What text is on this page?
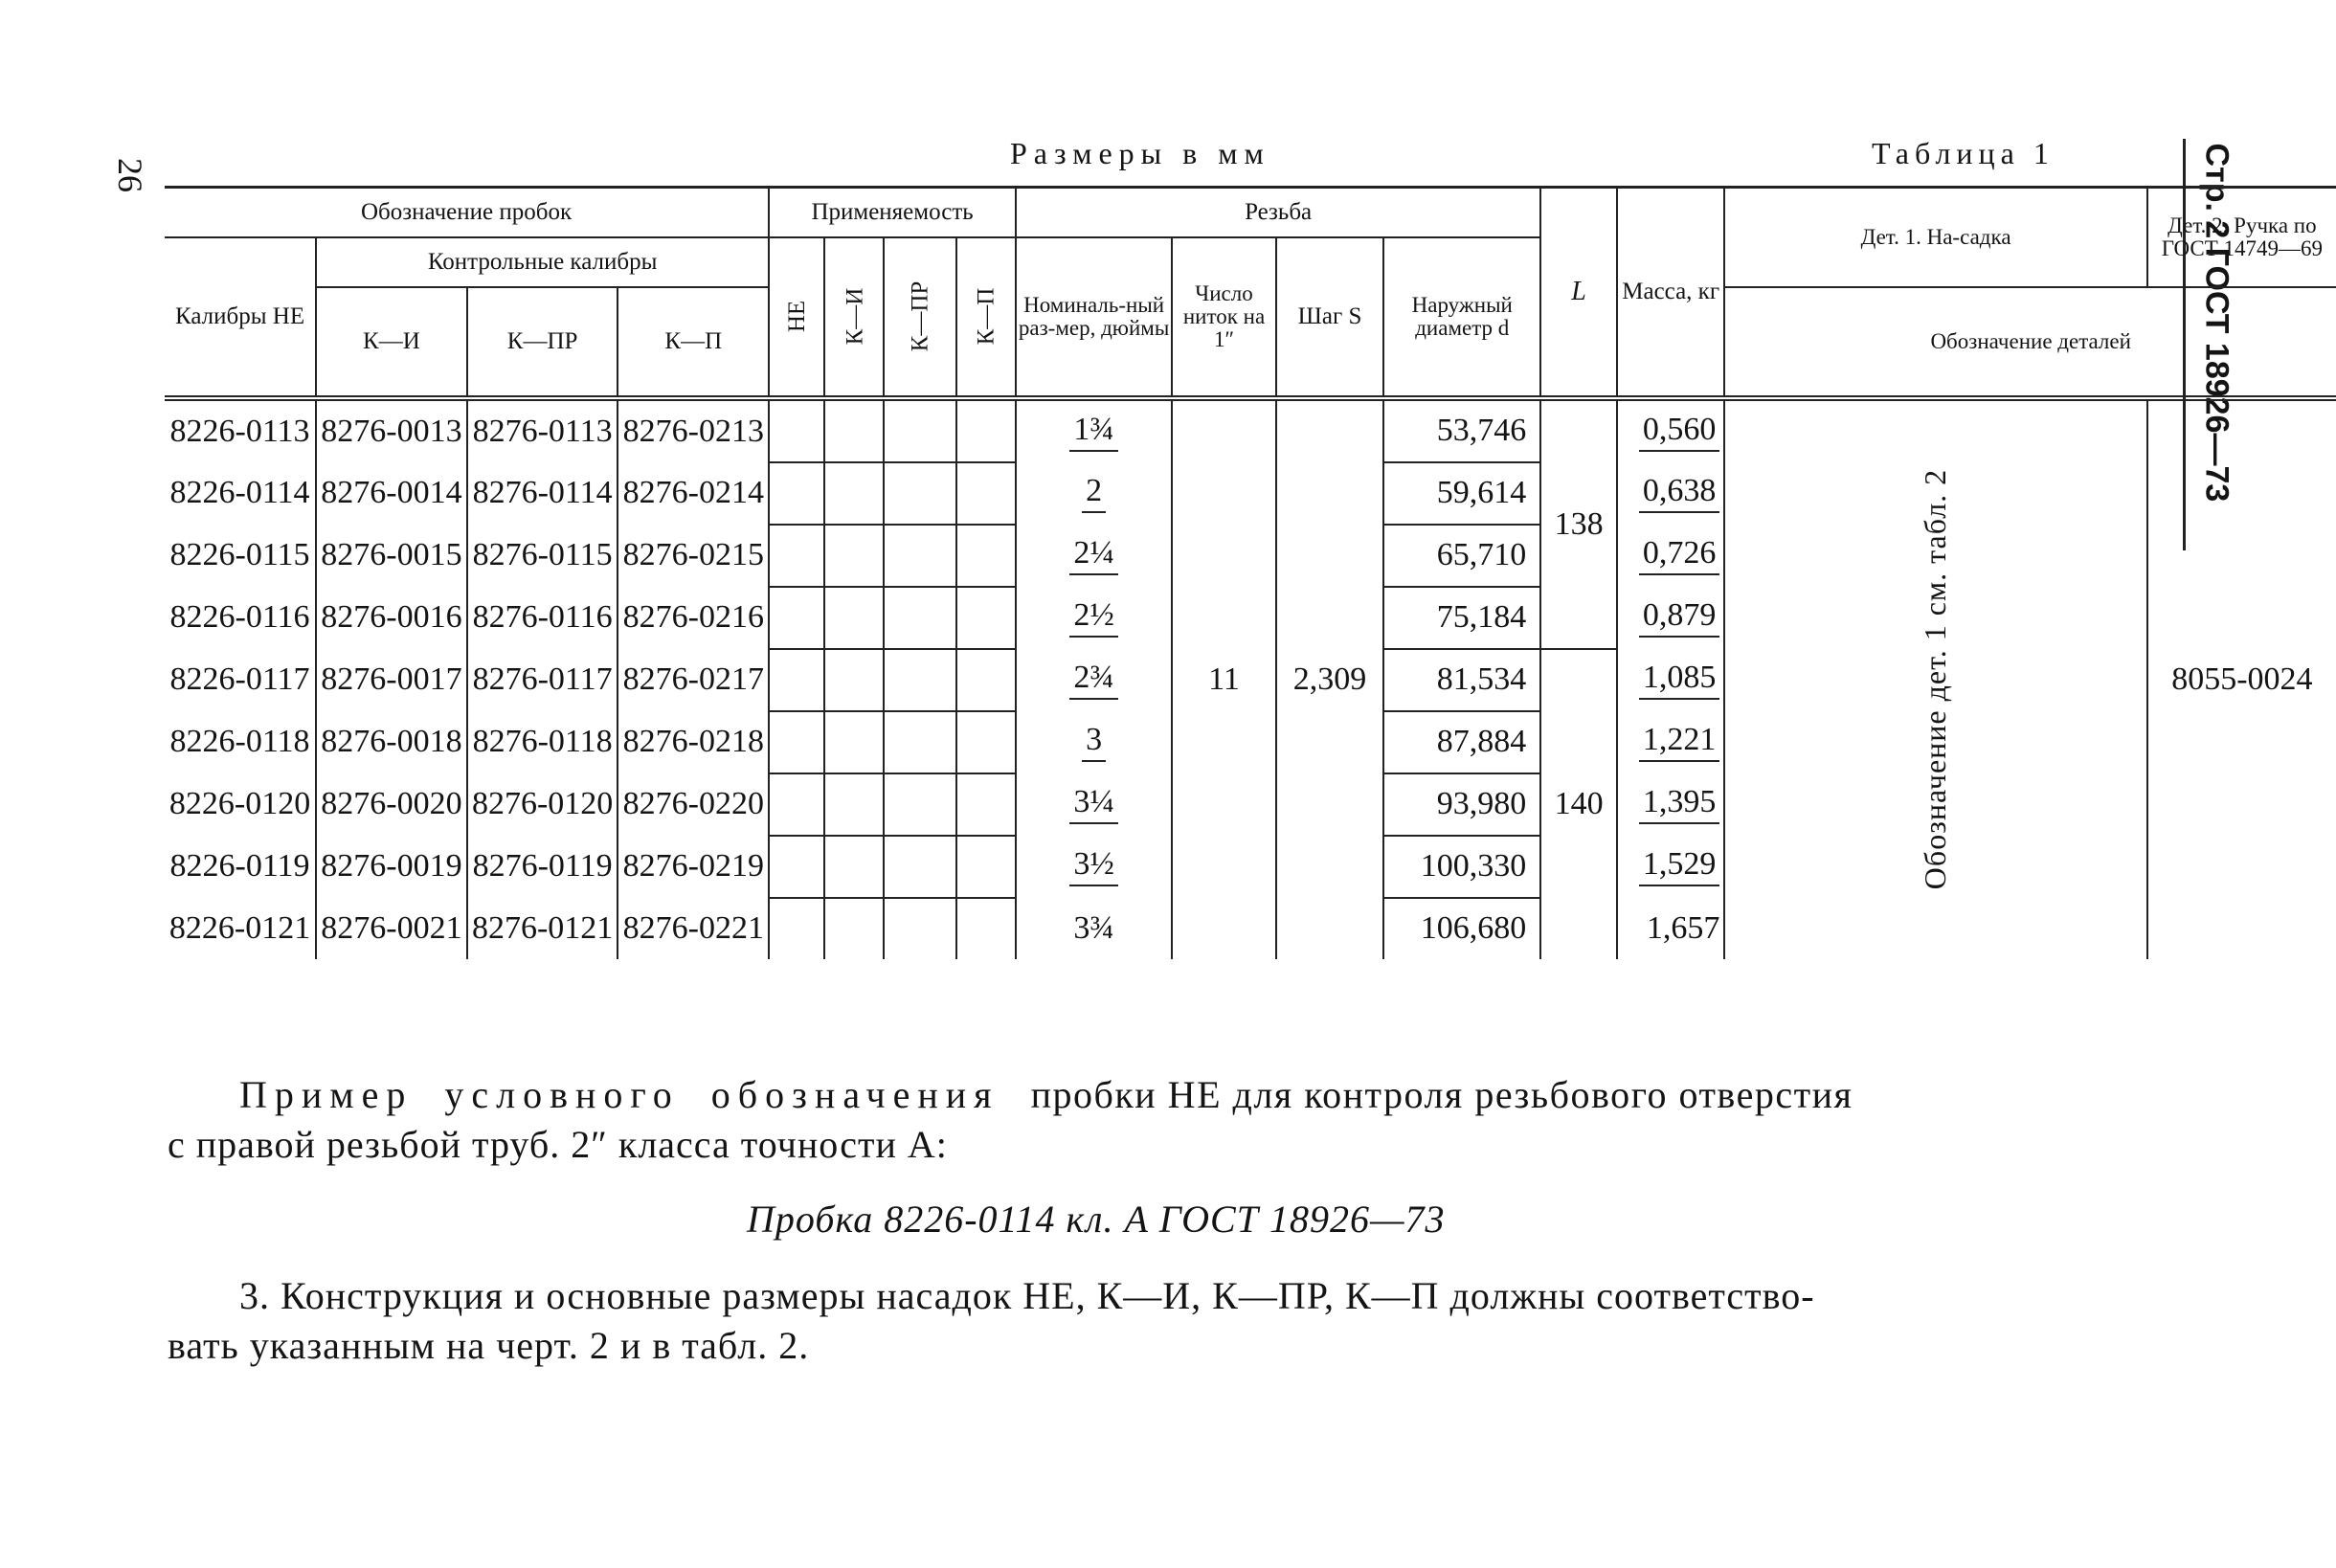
26	Стр. 2 ГОСТ 18926—73
Размеры в мм	Таблица 1
Обозначение пробок				Применяемость				Резьба				L	Масса, кг	Дет. 1. На-садка	Дет. 2. Ручка по ГОСТ 14749—69
Калибры НЕ	Контрольные калибры			НЕ	К—И	К—ПР	К—П	Номиналь-ный раз-мер, дюймы	Число ниток на 1″	Шаг S	Наружный диаметр d				
	К—И	К—ПР	К—П											Обозначение деталей	
8226-0113	8276-0013	8276-0113	8276-0213					1¾	11	2,309	53,746	138	0,560	Обозначение дет. 1 см. табл. 2	8055-0024
8226-0114	8276-0014	8276-0114	8276-0214					2			59,614		0,638		
8226-0115	8276-0015	8276-0115	8276-0215					2¼			65,710		0,726		
8226-0116	8276-0016	8276-0116	8276-0216					2½			75,184		0,879		
8226-0117	8276-0017	8276-0117	8276-0217					2¾			81,534	140	1,085		
8226-0118	8276-0018	8276-0118	8276-0218					3			87,884		1,221		
8226-0120	8276-0020	8276-0120	8276-0220					3¼			93,980		1,395		
8226-0119	8276-0019	8276-0119	8276-0219					3½			100,330		1,529		
8226-0121	8276-0021	8276-0121	8276-0221					3¾			106,680		1,657		
Пример условного обозначения пробки НЕ для контроля резьбового отверстия
с правой резьбой труб. 2″ класса точности А:
Пробка 8226-0114 кл. А ГОСТ 18926—73
3. Конструкция и основные размеры насадок НЕ, К—И, К—ПР, К—П должны соответство-
вать указанным на черт. 2 и в табл. 2.
